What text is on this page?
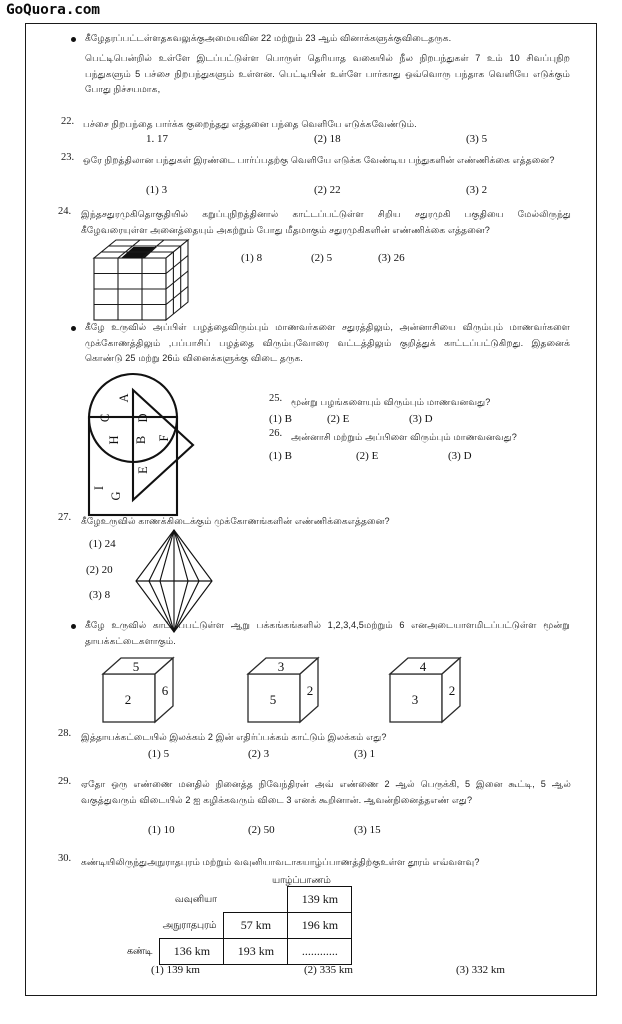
GoQuora.com
கீழேதரப்பட்டள்ளதகவலுக்குஅமையவின 22 மற்றும் 23 ஆம் வினாக்களுக்குவிடைதருக.
பெட்டிபென்றில் உள்ளே இடப்பட்டுள்ள பொருள் தெரியாத வகையில் நீல நிறபந்துகள் 7 உம் 10 சிவப்புநிற பந்துகளும் 5 பச்சை நிறபந்துகளும் உள்ளன. பெட்டியின் உள்ளே பார்காது ஒவ்வொரு பந்தாக வெளியே எடுக்கும் போது நிச்சயமாக,
22. பச்சை நிறபந்தை பார்க்க குறைந்தது எத்தனை பந்தை வெளியே எடுக்கவேண்டும்.
1. 17	(2) 18	(3) 5
23. ஒரே நிறத்திலான பந்துகள் இரண்டை பார்ப்பதற்கு வெளியே எடுக்க வேண்டிய பந்துகளின் எண்ணிக்கை எத்தனை?
(1) 3	(2) 22	(3) 2
24. இந்தசதுரமுகிதொகுதியில் கறுப்புநிறத்தினால் காட்டப்பட்டுள்ள சிறிய சதுரமுகி பகுதியை மேல்லிருந்து கீழேவரையுள்ள அனைத்தையும் அகற்றும் போது மீதமாகும் சதுரமுகிகளின் எண்ணிக்கை எத்தனை?
(1) 8	(2) 5	(3) 26
கீழே உருவில் அப்பிள் பழத்தைவிரும்பும் மாணவர்களை சதுரத்திலும், அன்னாசியை விரும்பும் மாணவர்களை முக்கோணத்திலும் ,பப்பாசிப் பழத்தை விரும்புவோரை வட்டத்திலும் குறித்துக் காட்டப்பட்டுகிறது. இதனைக் கொண்டு 25 மற்று 26ம் வினைக்களுக்கு விடை தருக.
A
C D
H B F
E
I
G
25. மூன்று பழங்களையும் விரும்பும் மாணவனவது?
(1) B	(2) E	(3) D
26. அன்னாசி மற்றும் அப்பிளை விரும்பும் மாணவனவது?
(1) B	(2) E	(3) D
27. கீழேஉருவில் காணக்கிடைக்கும் முக்கோணங்களின் எண்ணிக்கைஎத்தனை?
(1) 24
(2) 20
(3) 8
கீழே உருவில் காட்டப்பட்டுள்ள ஆறு பக்கங்கங்களில் 1,2,3,4,5மற்றும் 6 எனஅடையாளமிடப்பட்டுள்ள மூன்று தாயக்கட்டைகளாகும்.
5
2
6
3
5
2
4
3
2
28. இத்தாயக்கட்டையில் இலக்கம் 2 இன் எதிர்ப்பக்கம் காட்டும் இலக்கம் எது?
(1) 5	(2) 3	(3) 1
29. ஏதோ ஒரு எண்ணை மனதில் நினைத்த நிவேந்திரன் அவ் எண்ணை 2 ஆல் பெருக்கி, 5 இனை கூட்டி, 5 ஆல் வகுத்துவரும் விடையில் 2 ஐ கழிக்கவரும் விடை 3 எனக் கூறினான். ஆவன்நினைத்தஎண் எது?
(1) 10	(2) 50	(3) 15
30. கண்டியிலிருந்துஅநுராதபுரம் மற்றும் வவுனியாவடாகயாழ்ப்பாணத்திற்குஉள்ள தூரம் எவ்வளவு?
யாழ்ப்பாணம்
	வவுனியா		139 km
அநுராதபுரம்		57 km	196 km
கண்டி	136 km	193 km	............
(1) 139 km	(2) 335 km	(3) 332 km
